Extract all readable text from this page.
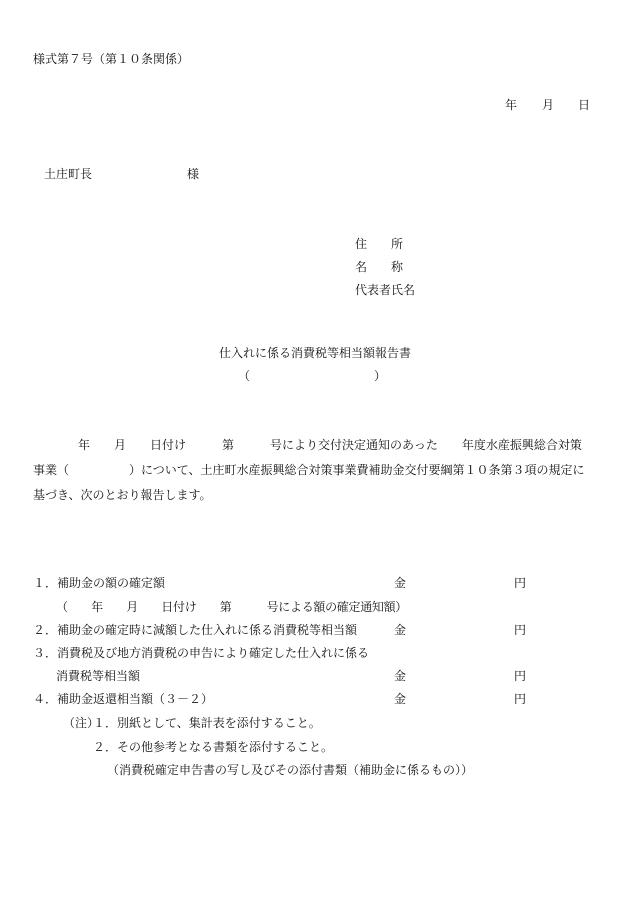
様式第７号（第１０条関係）
年 月 日
土庄町長	様
住　　所
名　　称
代表者氏名
仕入れに係る消費税等相当額報告書
（	）
年　　月　　日付け　　　第　　　号により交付決定通知のあった　　年度水産振興総合対策
事業（　　　　　）について、土庄町水産振興総合対策事業費補助金交付要綱第１０条第３項の規定に
基づき、次のとおり報告します。
１．補助金の額の確定額	金	円
（　　年　　月　　日付け　　第　　　号による額の確定通知額）
２．補助金の確定時に減額した仕入れに係る消費税等相当額	金	円
３．消費税及び地方消費税の申告により確定した仕入れに係る
消費税等相当額	金	円
４．補助金返還相当額（３－２）	金	円
（注）
１．別紙として、集計表を添付すること。
２．その他参考となる書類を添付すること。
（消費税確定申告書の写し及びその添付書類（補助金に係るもの））
